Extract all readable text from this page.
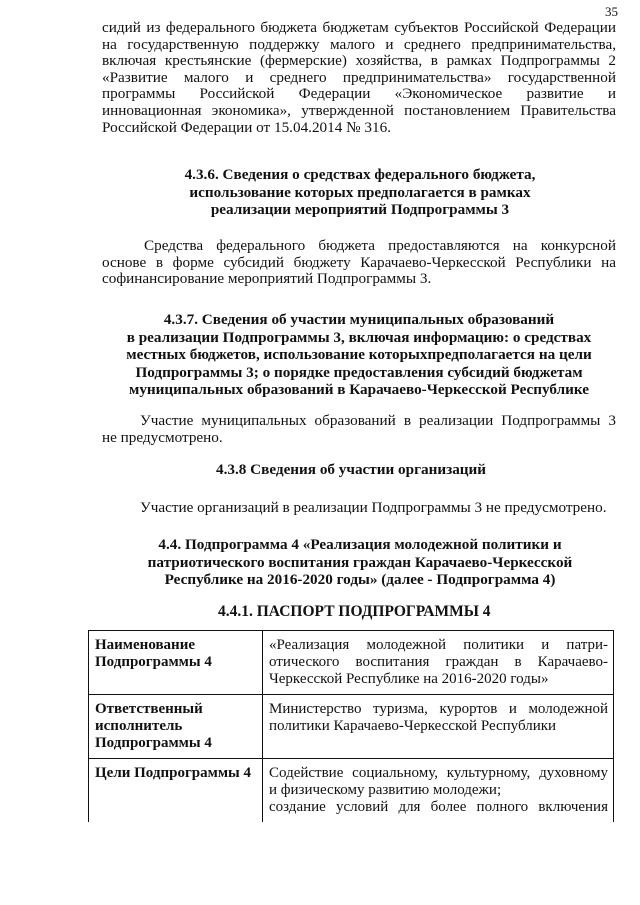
35
сидий из федерального бюджета бюджетам субъектов Российской Федерации
на государственную поддержку малого и среднего предпринимательства,
включая крестьянские (фермерские) хозяйства, в рамках Подпрограммы 2
«Развитие малого и среднего предпринимательства» государственной
программы Российской Федерации «Экономическое развитие и
инновационная экономика», утвержденной постановлением Правительства
Российской Федерации от 15.04.2014 № 316.
4.3.6. Сведения о средствах федерального бюджета,
использование которых предполагается в рамках
реализации мероприятий Подпрограммы 3
Средства федерального бюджета предоставляются на конкурсной
основе в форме субсидий бюджету Карачаево-Черкесской Республики на
софинансирование мероприятий Подпрограммы 3.
4.3.7. Сведения об участии муниципальных образований
в реализации Подпрограммы 3, включая информацию: о средствах
местных бюджетов, использование которыхпредполагается на цели
Подпрограммы 3; о порядке предоставления субсидий бюджетам
муниципальных образований в Карачаево-Черкесской Республике
Участие муниципальных образований в реализации Подпрограммы 3
не предусмотрено.
4.3.8 Сведения об участии организаций
Участие организаций в реализации Подпрограммы 3 не предусмотрено.
4.4. Подпрограмма 4 «Реализация молодежной политики и
патриотического воспитания граждан Карачаево-Черкесской
Республике на 2016-2020 годы» (далее - Подпрограмма 4)
4.4.1. ПАСПОРТ ПОДПРОГРАММЫ 4
Наименование
Подпрограммы 4	«Реализация молодежной политики и патри-
отического воспитания граждан в Карачаево-
Черкесской Республике на 2016-2020 годы»

Ответственный
исполнитель
Подпрограммы 4	Министерство туризма, курортов и молодежной
политики Карачаево-Черкесской Республики

Цели Подпрограммы 4	Содействие социальному, культурному, духовному
и физическому развитию молодежи;
создание условий для более полного включения
